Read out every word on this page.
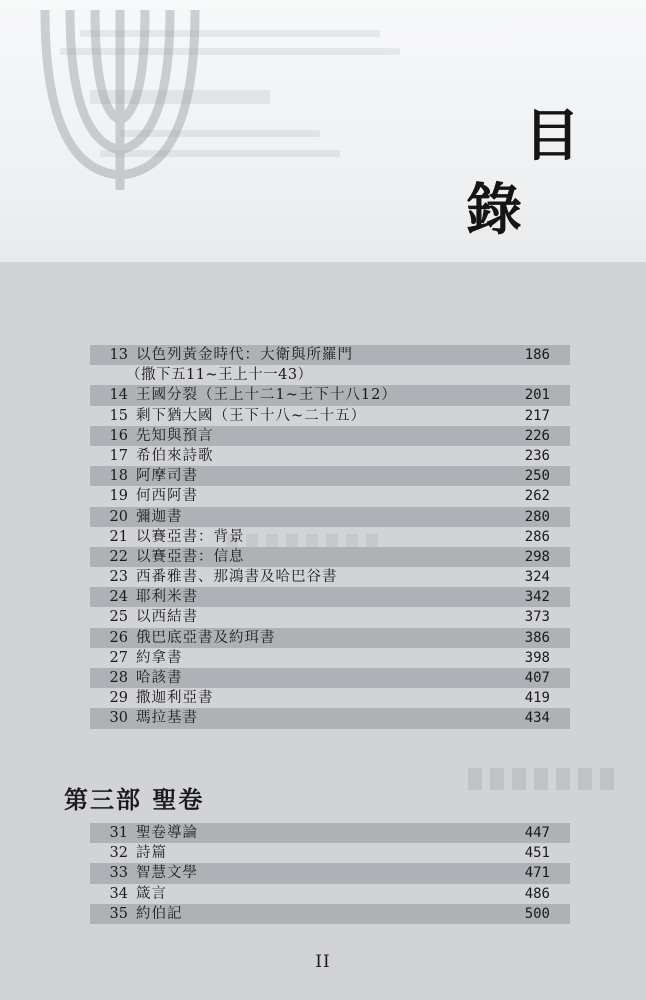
目
錄
13 以色列黃金時代：大衛與所羅門	186
（撒下五11~王上十一43）
14 王國分裂（王上十二1~王下十八12）	201
15 剩下猶大國（王下十八~二十五）	217
16 先知與預言	226
17 希伯來詩歌	236
18 阿摩司書	250
19 何西阿書	262
20 彌迦書	280
21 以賽亞書：背景	286
22 以賽亞書：信息	298
23 西番雅書、那鴻書及哈巴谷書	324
24 耶利米書	342
25 以西結書	373
26 俄巴底亞書及約珥書	386
27 約拿書	398
28 哈該書	407
29 撒迦利亞書	419
30 瑪拉基書	434
第三部 聖卷
31 聖卷導論	447
32 詩篇	451
33 智慧文學	471
34 箴言	486
35 約伯記	500
II
